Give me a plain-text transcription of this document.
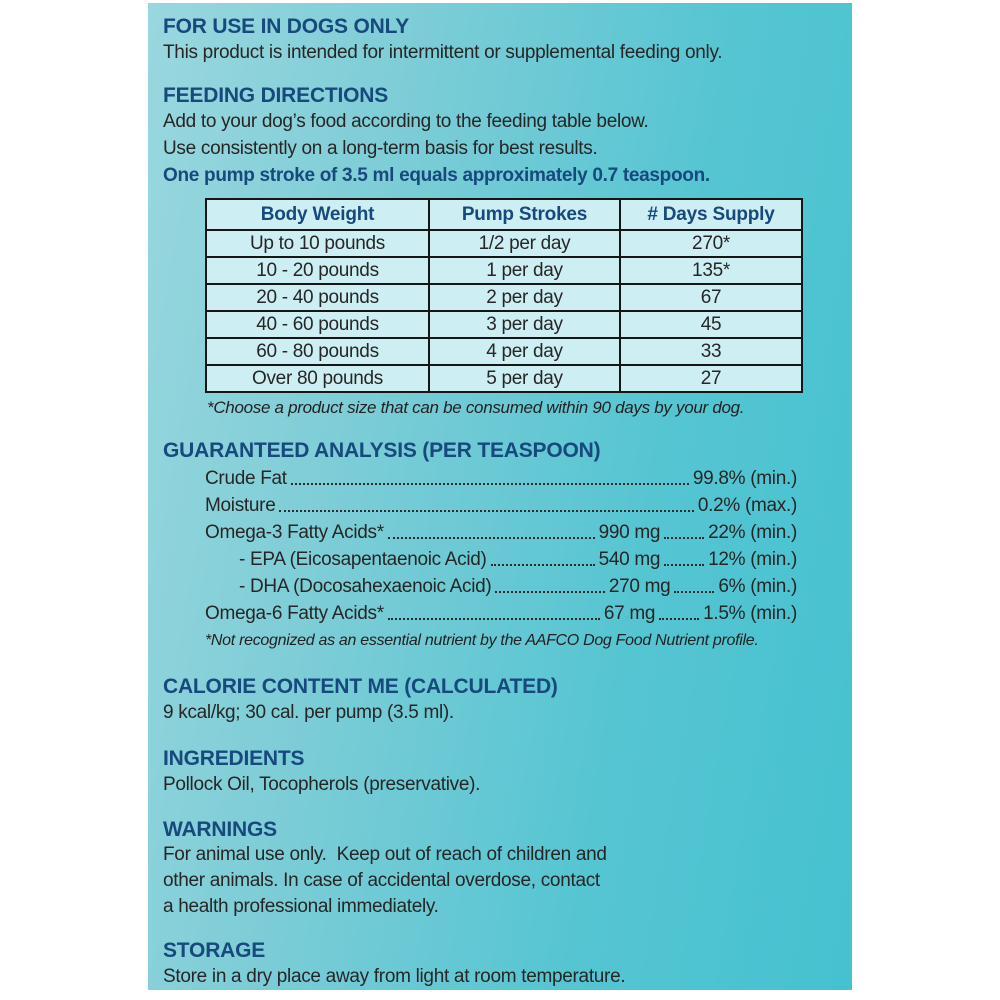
FOR USE IN DOGS ONLY
This product is intended for intermittent or supplemental feeding only.
FEEDING DIRECTIONS
Add to your dog’s food according to the feeding table below.
Use consistently on a long-term basis for best results.
One pump stroke of 3.5 ml equals approximately 0.7 teaspoon.
Body Weight	Pump Strokes	# Days Supply
Up to 10 pounds	1/2 per day	270*
10 - 20 pounds	1 per day	135*
20 - 40 pounds	2 per day	67
40 - 60 pounds	3 per day	45
60 - 80 pounds	4 per day	33
Over 80 pounds	5 per day	27
*Choose a product size that can be consumed within 90 days by your dog.
GUARANTEED ANALYSIS (PER TEASPOON)
Crude Fat	99.8% (min.)
Moisture	0.2% (max.)
Omega-3 Fatty Acids*	990 mg	22% (min.)
- EPA (Eicosapentaenoic Acid)	540 mg	12% (min.)
- DHA (Docosahexaenoic Acid)	270 mg	6% (min.)
Omega-6 Fatty Acids*	67 mg	1.5% (min.)
*Not recognized as an essential nutrient by the AAFCO Dog Food Nutrient profile.
CALORIE CONTENT ME (CALCULATED)
9 kcal/kg; 30 cal. per pump (3.5 ml).
INGREDIENTS
Pollock Oil, Tocopherols (preservative).
WARNINGS
For animal use only.  Keep out of reach of children and
other animals. In case of accidental overdose, contact
a health professional immediately.
STORAGE
Store in a dry place away from light at room temperature.
